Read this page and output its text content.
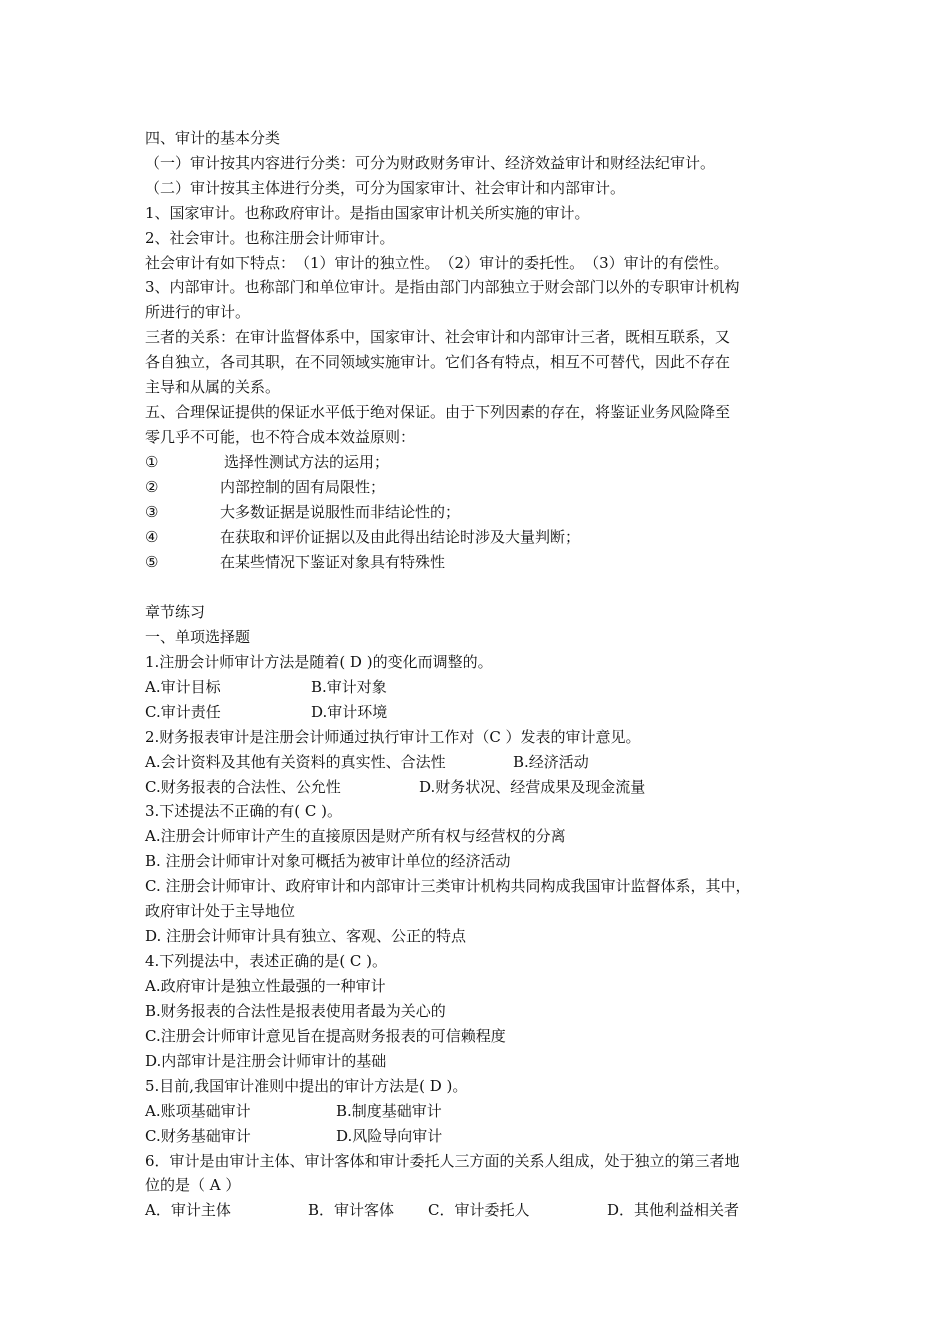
四、审计的基本分类
（一）审计按其内容进行分类：可分为财政财务审计、经济效益审计和财经法纪审计。
（二）审计按其主体进行分类，可分为国家审计、社会审计和内部审计。
1、国家审计。也称政府审计。是指由国家审计机关所实施的审计。
2、社会审计。也称注册会计师审计。
社会审计有如下特点：　（1）审计的独立性。　（2）审计的委托性。　（3）审计的有偿性。
3、内部审计。也称部门和单位审计。是指由部门内部独立于财会部门以外的专职审计机构
所进行的审计。
三者的关系：在审计监督体系中，国家审计、社会审计和内部审计三者，既相互联系，又
各自独立，各司其职，在不同领域实施审计。它们各有特点，相互不可替代，因此不存在
主导和从属的关系。
五、合理保证提供的保证水平低于绝对保证。由于下列因素的存在，将鉴证业务风险降至
零几乎不可能，也不符合成本效益原则：
①	选择性测试方法的运用；
②	内部控制的固有局限性；
③	大多数证据是说服性而非结论性的；
④	在获取和评价证据以及由此得出结论时涉及大量判断；
⑤	在某些情况下鉴证对象具有特殊性
章节练习
一、单项选择题
1.注册会计师审计方法是随着( D )的变化而调整的。
A.审计目标	B.审计对象
C.审计责任	D.审计环境
2.财务报表审计是注册会计师通过执行审计工作对（C ）发表的审计意见。
A.会计资料及其他有关资料的真实性、合法性	B.经济活动
C.财务报表的合法性、公允性	D.财务状况、经营成果及现金流量
3.下述提法不正确的有( C )。
A.注册会计师审计产生的直接原因是财产所有权与经营权的分离
B. 注册会计师审计对象可概括为被审计单位的经济活动
C. 注册会计师审计、政府审计和内部审计三类审计机构共同构成我国审计监督体系，其中，
政府审计处于主导地位
D. 注册会计师审计具有独立、客观、公正的特点
4.下列提法中，表述正确的是( C )。
A.政府审计是独立性最强的一种审计
B.财务报表的合法性是报表使用者最为关心的
C.注册会计师审计意见旨在提高财务报表的可信赖程度
D.内部审计是注册会计师审计的基础
5.目前,我国审计准则中提出的审计方法是( D )。
A.账项基础审计	B.制度基础审计
C.财务基础审计	D.风险导向审计
6．审计是由审计主体、审计客体和审计委托人三方面的关系人组成，处于独立的第三者地
位的是（ A ）
A．审计主体	B．审计客体 C．审计委托人	D．其他利益相关者
